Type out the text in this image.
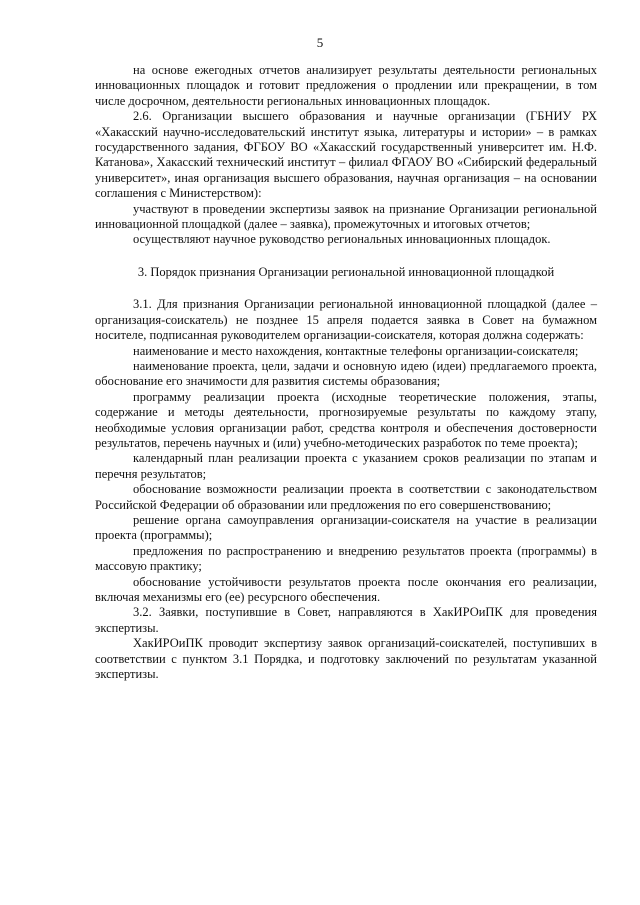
5

на основе ежегодных отчетов анализирует результаты деятельности региональных инновационных площадок и готовит предложения о продлении или прекращении, в том числе досрочном, деятельности региональных инновационных площадок.

2.6. Организации высшего образования и научные организации (ГБНИУ РХ «Хакасский научно-исследовательский институт языка, литературы и истории» – в рамках государственного задания, ФГБОУ ВО «Хакасский государственный университет им. Н.Ф. Катанова», Хакасский технический институт – филиал ФГАОУ ВО «Сибирский федеральный университет», иная организация высшего образования, научная организация – на основании соглашения с Министерством):

участвуют в проведении экспертизы заявок на признание Организации региональной инновационной площадкой (далее – заявка), промежуточных и итоговых отчетов;

осуществляют научное руководство региональных инновационных площадок.

3. Порядок признания Организации региональной инновационной площадкой

3.1. Для признания Организации региональной инновационной площадкой (далее – организация-соискатель) не позднее 15 апреля подается заявка в Совет на бумажном носителе, подписанная руководителем организации-соискателя, которая должна содержать:

наименование и место нахождения, контактные телефоны организации-соискателя;

наименование проекта, цели, задачи и основную идею (идеи) предлагаемого проекта, обоснование его значимости для развития системы образования;

программу реализации проекта (исходные теоретические положения, этапы, содержание и методы деятельности, прогнозируемые результаты по каждому этапу, необходимые условия организации работ, средства контроля и обеспечения достоверности результатов, перечень научных и (или) учебно-методических разработок по теме проекта);

календарный план реализации проекта с указанием сроков реализации по этапам и перечня результатов;

обоснование возможности реализации проекта в соответствии с законодательством Российской Федерации об образовании или предложения по его совершенствованию;

решение органа самоуправления организации-соискателя на участие в реализации проекта (программы);

предложения по распространению и внедрению результатов проекта (программы) в массовую практику;

обоснование устойчивости результатов проекта после окончания его реализации, включая механизмы его (ее) ресурсного обеспечения.

3.2. Заявки, поступившие в Совет, направляются в ХакИРОиПК для проведения экспертизы.

ХакИРОиПК проводит экспертизу заявок организаций-соискателей, поступивших в соответствии с пунктом 3.1 Порядка, и подготовку заключений по результатам указанной экспертизы.
